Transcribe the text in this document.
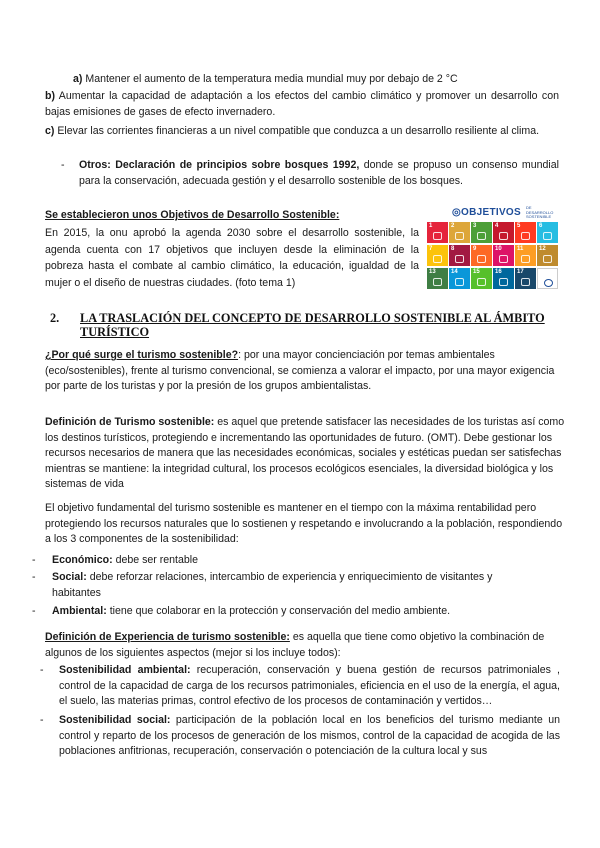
a) Mantener el aumento de la temperatura media mundial muy por debajo de 2 °C

b) Aumentar la capacidad de adaptación a los efectos del cambio climático y promover un desarrollo con bajas emisiones de gases de efecto invernadero.

c) Elevar las corrientes financieras a un nivel compatible que conduzca a un desarrollo resiliente al clima.

- Otros: Declaración de principios sobre bosques 1992, donde se propuso un consenso mundial para la conservación, adecuada gestión y el desarrollo sostenible de los bosques.

Se establecieron unos Objetivos de Desarrollo Sostenible:

En 2015, la onu aprobó la agenda 2030 sobre el desarrollo sostenible, la agenda cuenta con 17 objetivos que incluyen desde la eliminación de la pobreza hasta el combate al cambio climático, la educación, igualdad de la mujer o el diseño de nuestras ciudades. (foto tema 1)

◎OBJETIVOS DE DESARROLLO SOSTENIBLE
1	2	3	4	5	6
7	8	9	10	11	12
13	14	15	16	17
2. LA TRASLACIÓN DEL CONCEPTO DE DESARROLLO SOSTENIBLE AL ÁMBITO TURÍSTICO

¿Por qué surge el turismo sostenible?: por una mayor concienciación por temas ambientales (eco/sostenibles), frente al turismo convencional, se comienza a valorar el impacto, por una mayor exigencia por parte de los turistas y por la presión de los grupos ambientalistas.

Definición de Turismo sostenible: es aquel que pretende satisfacer las necesidades de los turistas así como los destinos turísticos, protegiendo e incrementando las oportunidades de futuro. (OMT). Debe gestionar los recursos necesarios de manera que las necesidades económicas, sociales y estéticas puedan ser satisfechas mientras se mantiene: la integridad cultural, los procesos ecológicos esenciales, la diversidad biológica y los sistemas de vida

El objetivo fundamental del turismo sostenible es mantener en el tiempo con la máxima rentabilidad pero protegiendo los recursos naturales que lo sostienen y respetando e involucrando a la población, respondiendo a los 3 componentes de la sostenibilidad:

- Económico: debe ser rentable

- Social: debe reforzar relaciones, intercambio de experiencia y enriquecimiento de visitantes y habitantes

- Ambiental: tiene que colaborar en la protección y conservación del medio ambiente.

Definición de Experiencia de turismo sostenible: es aquella que tiene como objetivo la combinación de algunos de los siguientes aspectos (mejor si los incluye todos):

- Sostenibilidad ambiental: recuperación, conservación y buena gestión de recursos patrimoniales , control de la capacidad de carga de los recursos patrimoniales, eficiencia en el uso de la energía, el agua, el suelo, las materias primas, control efectivo de los procesos de contaminación y vertidos…

- Sostenibilidad social: participación de la población local en los beneficios del turismo mediante un control y reparto de los procesos de generación de los mismos, control de la capacidad de acogida de las poblaciones anfitrionas, recuperación, conservación o potenciación de la cultura local y sus
